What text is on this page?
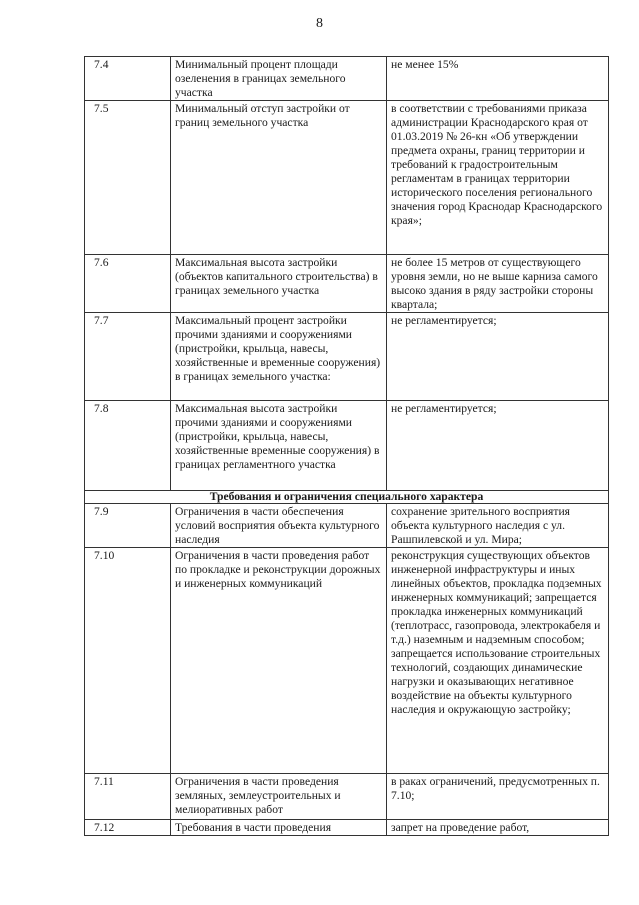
8
7.4	Минимальный процент площади озеленения в границах земельного участка	не менее 15%
7.5	Минимальный отступ застройки от границ земельного участка	в соответствии с требованиями приказа администрации Краснодарского края от 01.03.2019 № 26-кн «Об утверждении предмета охраны, границ территории и требований к градостроительным регламентам в границах территории исторического поселения регионального значения город Краснодар Краснодарского края»;
7.6	Максимальная высота застройки (объектов капитального строительства) в границах земельного участка	не более 15 метров от существующего уровня земли, но не выше карниза самого высоко здания в ряду застройки стороны квартала;
7.7	Максимальный процент застройки прочими зданиями и сооружениями (пристройки, крыльца, навесы, хозяйственные и временные сооружения) в границах земельного участка:	не регламентируется;
7.8	Максимальная высота застройки прочими зданиями и сооружениями (пристройки, крыльца, навесы, хозяйственные временные сооружения) в границах регламентного участка	не регламентируется;
Требования и ограничения специального характера		
7.9	Ограничения в части обеспечения условий восприятия объекта культурного наследия	сохранение зрительного восприятия объекта культурного наследия с ул. Рашпилевской и ул. Мира;
7.10	Ограничения в части проведения работ по прокладке и реконструкции дорожных и инженерных коммуникаций	реконструкция существующих объектов инженерной инфраструктуры и иных линейных объектов, прокладка подземных инженерных коммуникаций; запрещается прокладка инженерных коммуникаций (теплотрасс, газопровода, электрокабеля и т.д.) наземным и надземным способом; запрещается использование строительных технологий, создающих динамические нагрузки и оказывающих негативное воздействие на объекты культурного наследия и окружающую застройку;
7.11	Ограничения в части проведения земляных, землеустроительных и мелиоративных работ	в раках ограничений, предусмотренных п. 7.10;
7.12	Требования в части проведения	запрет на проведение работ,
